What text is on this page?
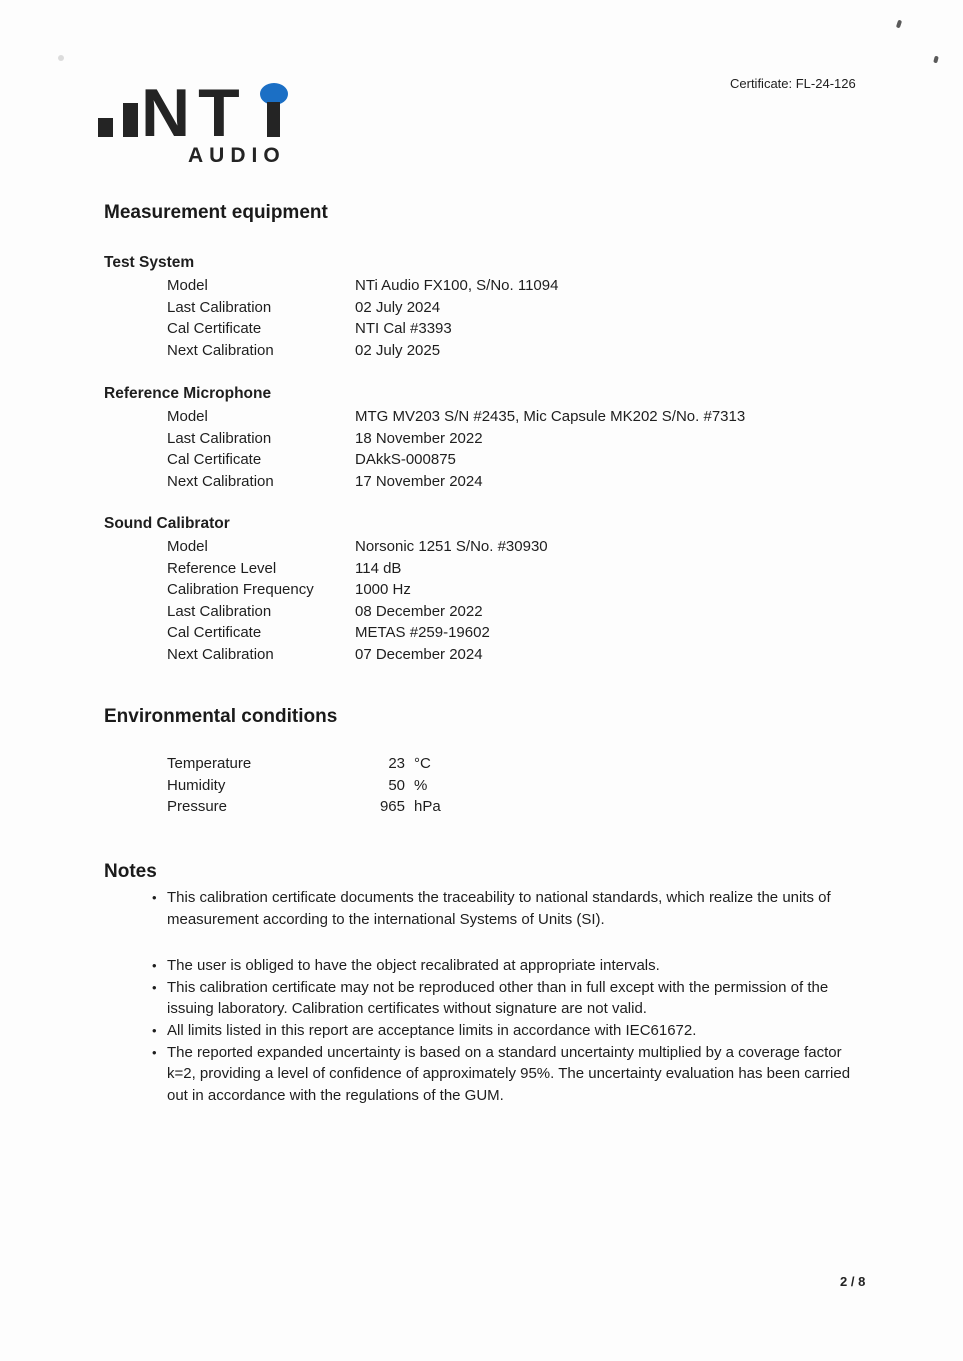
NT
AUDIO
Certificate: FL-24-126
Measurement equipment
Test System
Model	NTi Audio FX100, S/No. 11094
Last Calibration	02 July 2024
Cal Certificate	NTI Cal #3393
Next Calibration	02 July 2025
Reference Microphone
Model	MTG MV203 S/N #2435, Mic Capsule MK202 S/No. #7313
Last Calibration	18 November 2022
Cal Certificate	DAkkS-000875
Next Calibration	17 November 2024
Sound Calibrator
Model	Norsonic 1251 S/No. #30930
Reference Level	114 dB
Calibration Frequency	1000 Hz
Last Calibration	08 December 2022
Cal Certificate	METAS #259-19602
Next Calibration	07 December 2024
Environmental conditions
Temperature	23 °C
Humidity	50 %
Pressure	965 hPa
Notes
• This calibration certificate documents the traceability to national standards, which realize the units of measurement according to the international Systems of Units (SI).
• The user is obliged to have the object recalibrated at appropriate intervals.
• This calibration certificate may not be reproduced other than in full except with the permission of the issuing laboratory. Calibration certificates without signature are not valid.
• All limits listed in this report are acceptance limits in accordance with IEC61672.
• The reported expanded uncertainty is based on a standard uncertainty multiplied by a coverage factor k=2, providing a level of confidence of approximately 95%. The uncertainty evaluation has been carried out in accordance with the regulations of the GUM.
2 / 8
